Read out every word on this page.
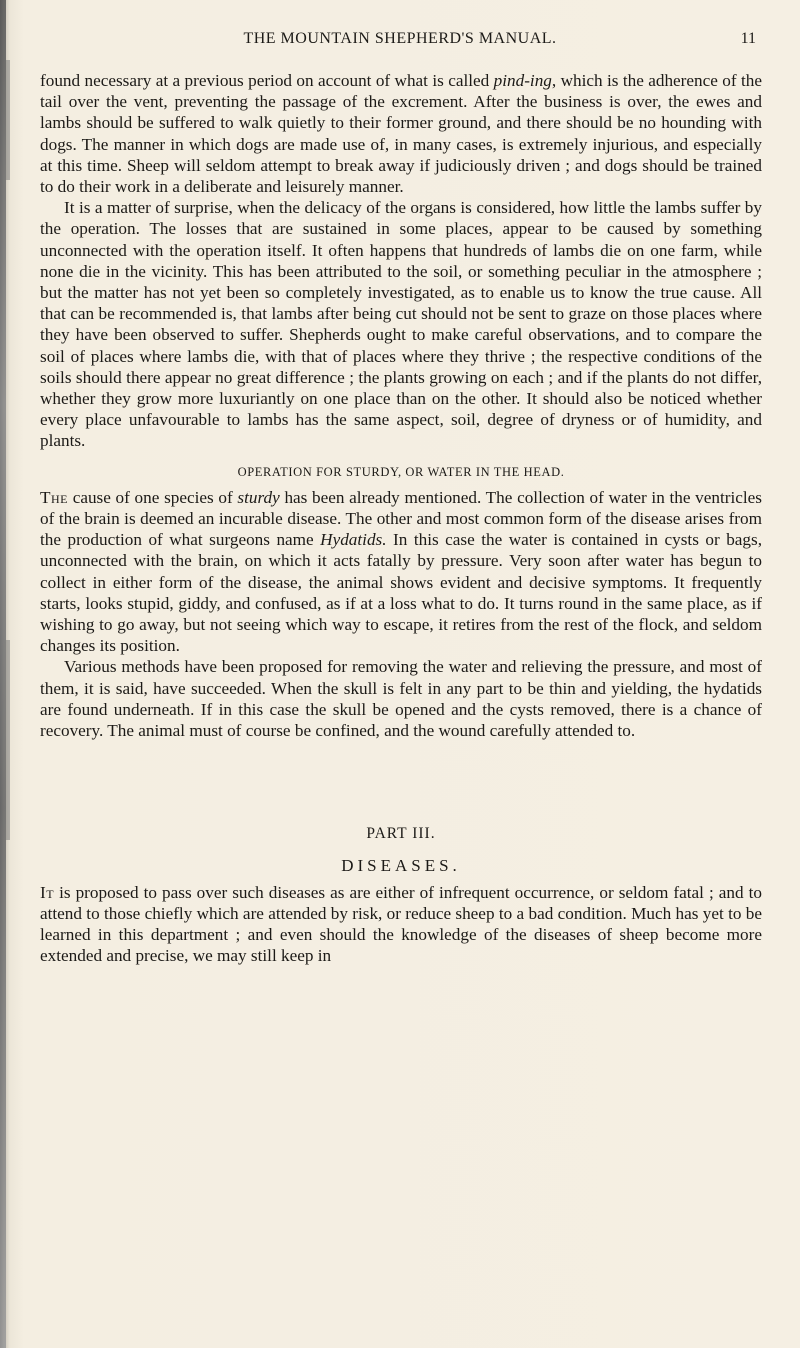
THE MOUNTAIN SHEPHERD'S MANUAL.	11

found necessary at a previous period on account of what is called pind-ing, which is the adherence of the tail over the vent, preventing the passage of the excrement. After the business is over, the ewes and lambs should be suffered to walk quietly to their former ground, and there should be no hounding with dogs. The manner in which dogs are made use of, in many cases, is extremely injurious, and especially at this time. Sheep will seldom attempt to break away if judiciously driven ; and dogs should be trained to do their work in a deliberate and leisurely manner.

It is a matter of surprise, when the delicacy of the organs is considered, how little the lambs suffer by the operation. The losses that are sustained in some places, appear to be caused by something unconnected with the operation itself. It often happens that hundreds of lambs die on one farm, while none die in the vicinity. This has been attributed to the soil, or something peculiar in the atmosphere ; but the matter has not yet been so completely investigated, as to enable us to know the true cause. All that can be recommended is, that lambs after being cut should not be sent to graze on those places where they have been observed to suffer. Shepherds ought to make careful observations, and to compare the soil of places where lambs die, with that of places where they thrive ; the respective conditions of the soils should there appear no great difference ; the plants growing on each ; and if the plants do not differ, whether they grow more luxuriantly on one place than on the other. It should also be noticed whether every place unfavourable to lambs has the same aspect, soil, degree of dryness or of humidity, and plants.

OPERATION FOR STURDY, OR WATER IN THE HEAD.

The cause of one species of sturdy has been already mentioned. The collection of water in the ventricles of the brain is deemed an incurable disease. The other and most common form of the disease arises from the production of what surgeons name Hydatids. In this case the water is contained in cysts or bags, unconnected with the brain, on which it acts fatally by pressure. Very soon after water has begun to collect in either form of the disease, the animal shows evident and decisive symptoms. It frequently starts, looks stupid, giddy, and confused, as if at a loss what to do. It turns round in the same place, as if wishing to go away, but not seeing which way to escape, it retires from the rest of the flock, and seldom changes its position.

Various methods have been proposed for removing the water and relieving the pressure, and most of them, it is said, have succeeded. When the skull is felt in any part to be thin and yielding, the hydatids are found underneath. If in this case the skull be opened and the cysts removed, there is a chance of recovery. The animal must of course be confined, and the wound carefully attended to.

PART III.
DISEASES.

It is proposed to pass over such diseases as are either of infrequent occurrence, or seldom fatal ; and to attend to those chiefly which are attended by risk, or reduce sheep to a bad condition. Much has yet to be learned in this department ; and even should the knowledge of the diseases of sheep become more extended and precise, we may still keep in
